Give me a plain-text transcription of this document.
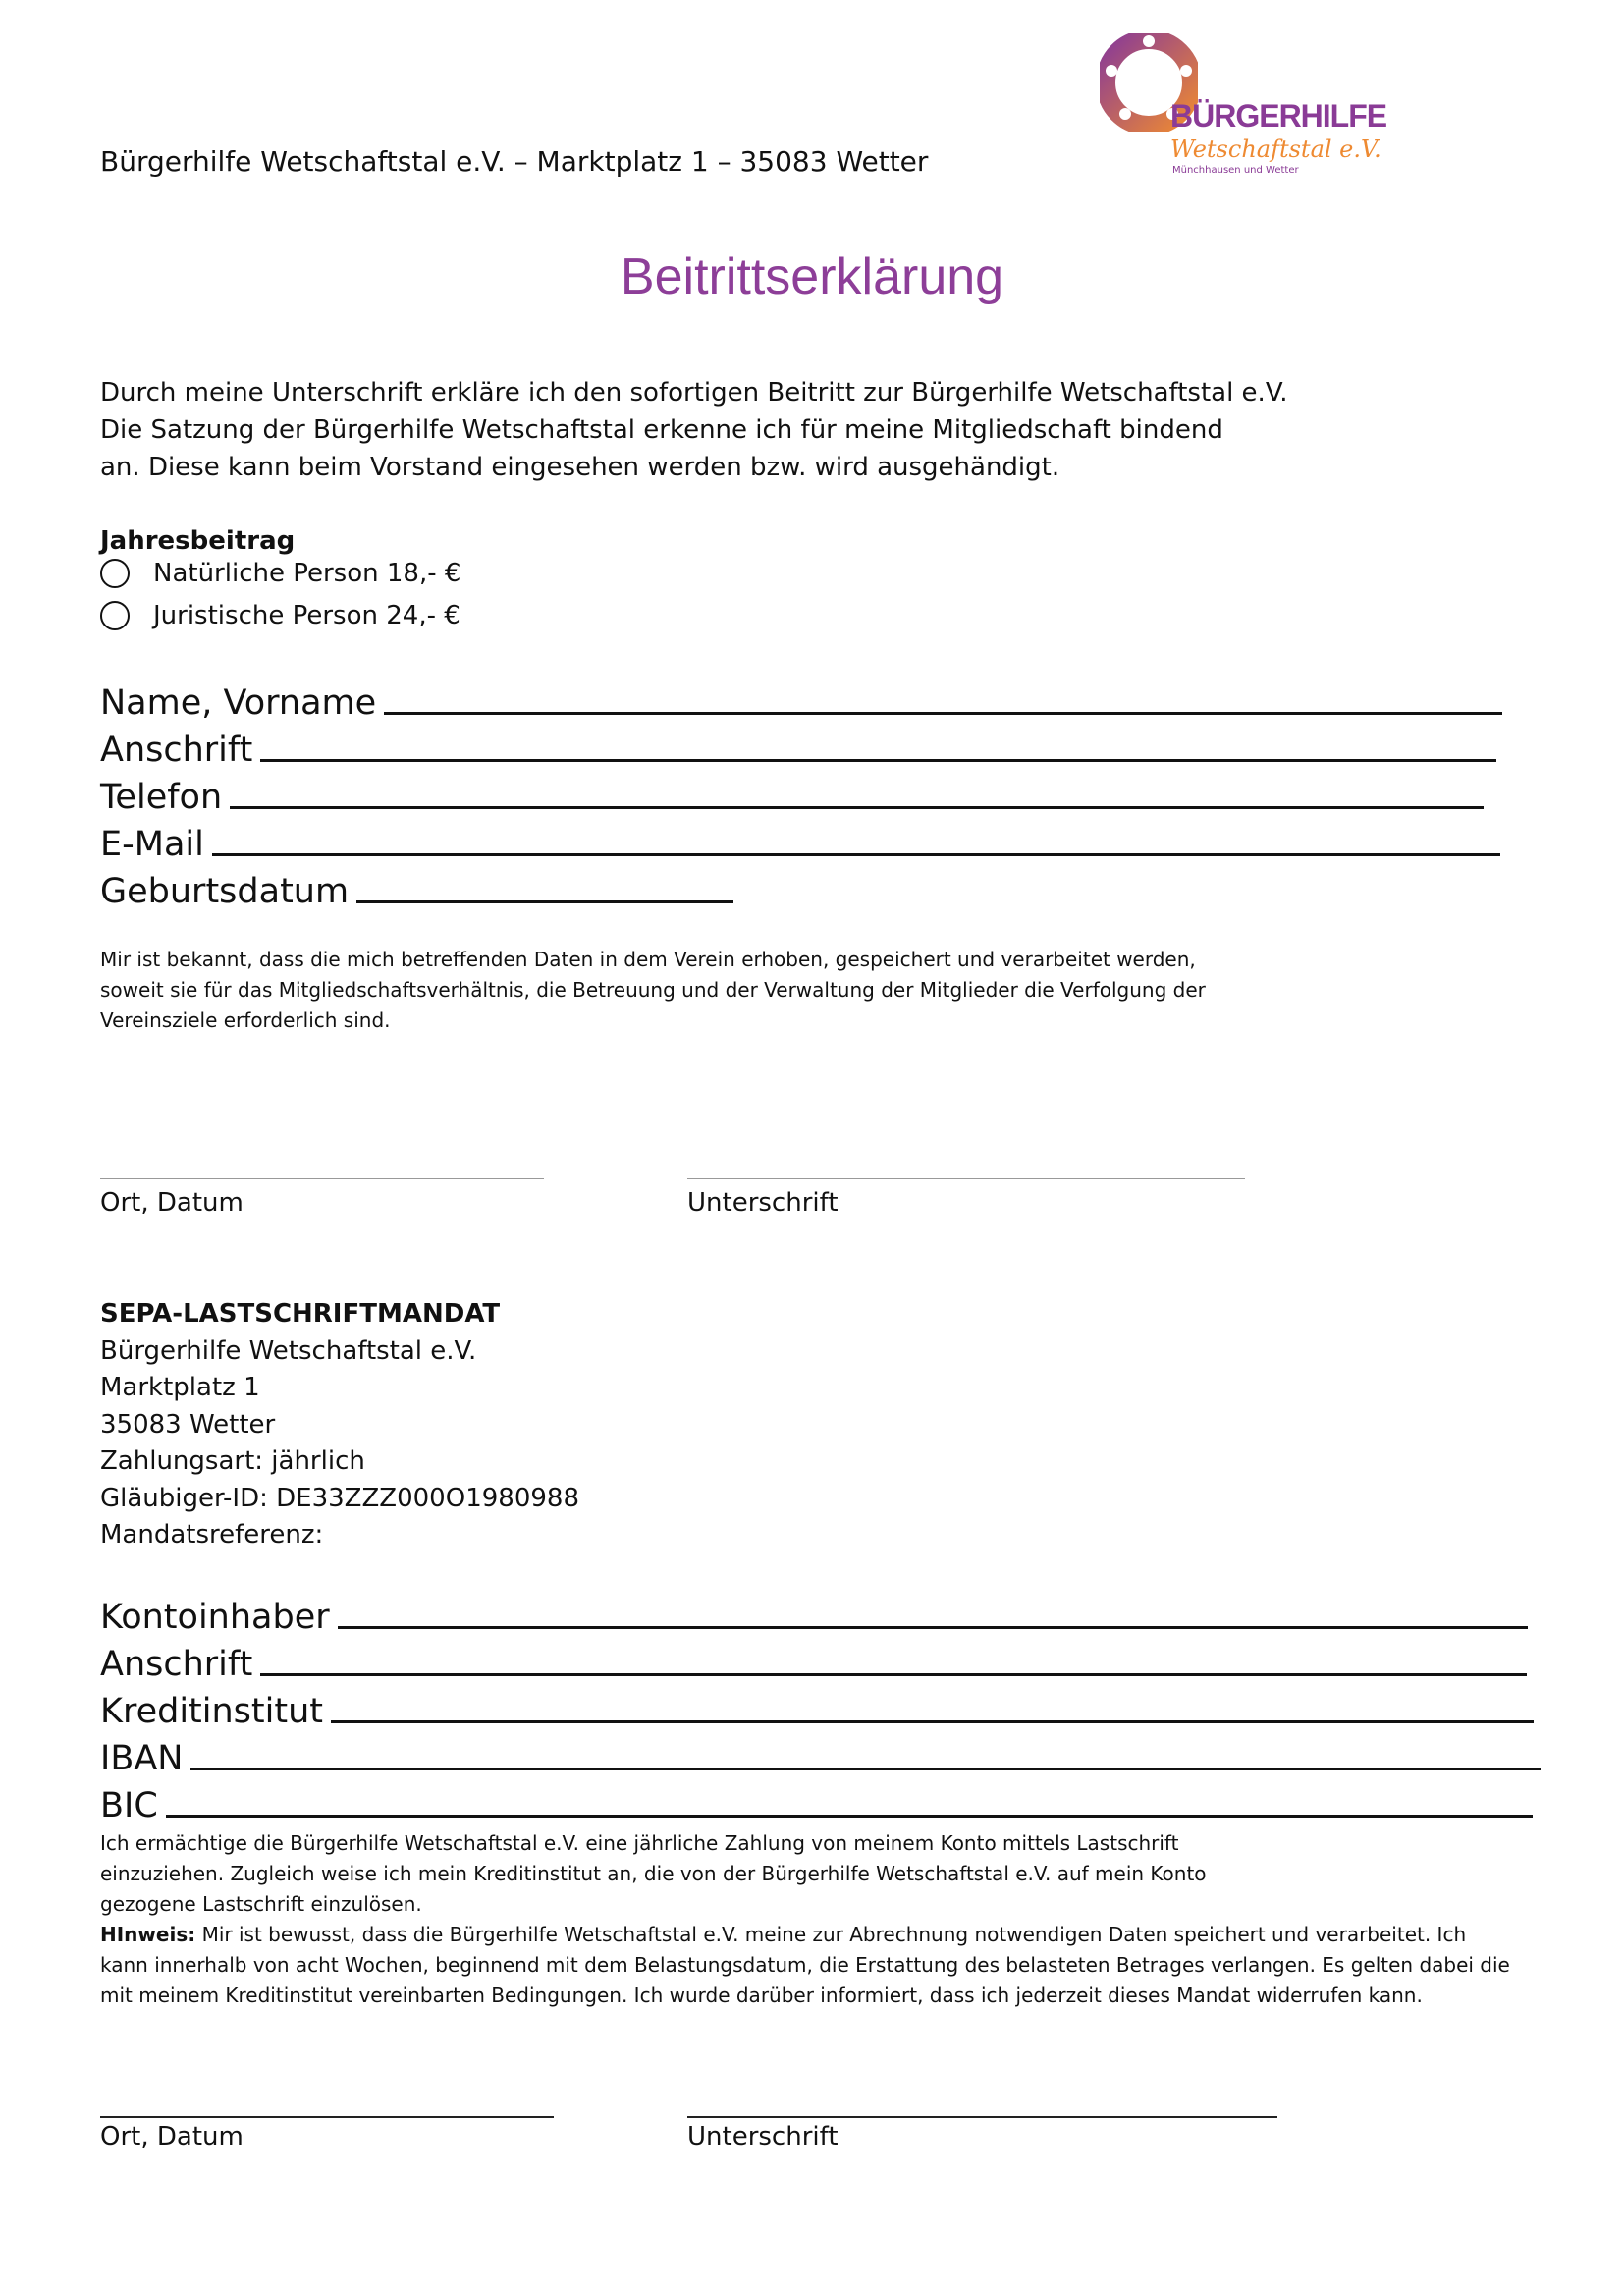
Bürgerhilfe Wetschaftstal e.V. – Marktplatz 1 – 35083 Wetter
BÜRGERHILFE
Wetschaftstal e.V.
Münchhausen und Wetter
Beitrittserklärung
Durch meine Unterschrift erkläre ich den sofortigen Beitritt zur Bürgerhilfe Wetschaftstal e.V.
Die Satzung der Bürgerhilfe Wetschaftstal erkenne ich für meine Mitgliedschaft bindend
an. Diese kann beim Vorstand eingesehen werden bzw. wird ausgehändigt.
Jahresbeitrag
Natürliche Person 18,- €
Juristische Person 24,- €
Name, Vorname
Anschrift
Telefon
E-Mail
Geburtsdatum
Mir ist bekannt, dass die mich betreffenden Daten in dem Verein erhoben, gespeichert und verarbeitet werden,
soweit sie für das Mitgliedschaftsverhältnis, die Betreuung und der Verwaltung der Mitglieder die Verfolgung der
Vereinsziele erforderlich sind.
Ort, Datum	Unterschrift
SEPA-LASTSCHRIFTMANDAT
Bürgerhilfe Wetschaftstal e.V.
Marktplatz 1
35083 Wetter
Zahlungsart: jährlich
Gläubiger-ID: DE33ZZZ000O1980988
Mandatsreferenz:
Kontoinhaber
Anschrift
Kreditinstitut
IBAN
BIC
Ich ermächtige die Bürgerhilfe Wetschaftstal e.V. eine jährliche Zahlung von meinem Konto mittels Lastschrift
einzuziehen. Zugleich weise ich mein Kreditinstitut an, die von der Bürgerhilfe Wetschaftstal e.V. auf mein Konto
gezogene Lastschrift einzulösen.
HInweis: Mir ist bewusst, dass die Bürgerhilfe Wetschaftstal e.V. meine zur Abrechnung notwendigen Daten speichert und verarbeitet. Ich
kann innerhalb von acht Wochen, beginnend mit dem Belastungsdatum, die Erstattung des belasteten Betrages verlangen. Es gelten dabei die
mit meinem Kreditinstitut vereinbarten Bedingungen. Ich wurde darüber informiert, dass ich jederzeit dieses Mandat widerrufen kann.
Ort, Datum	Unterschrift
